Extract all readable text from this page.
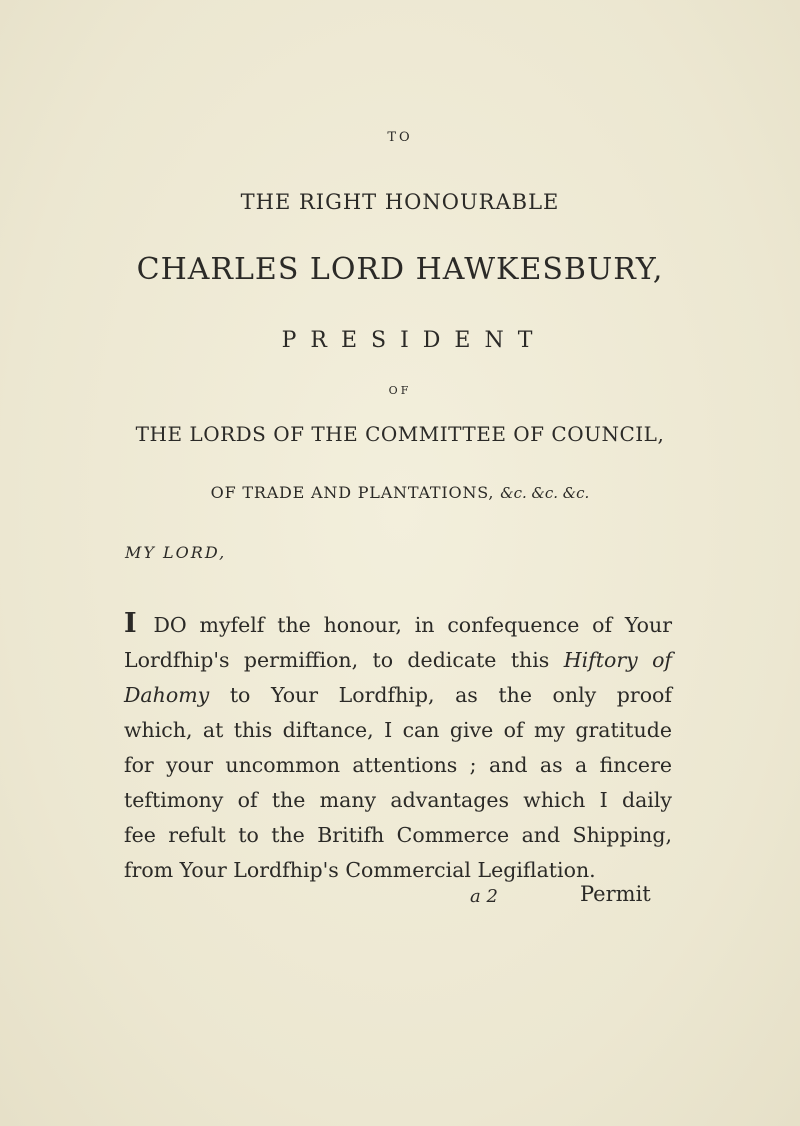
TO
THE RIGHT HONOURABLE
CHARLES LORD HAWKESBURY,
PRESIDENT
OF
THE LORDS OF THE COMMITTEE OF COUNCIL,
OF TRADE AND PLANTATIONS, &c. &c. &c.
MY LORD,
I DO myfelf the honour, in confequence of Your
Lordfhip's permiffion, to dedicate this Hiftory of
Dahomy to Your Lordfhip, as the only proof
which, at this diftance, I can give of my gratitude
for your uncommon attentions ; and as a fincere
teftimony of the many advantages which I daily
fee refult to the Britifh Commerce and Shipping,
from Your Lordfhip's Commercial Legiflation.
a 2	Permit
